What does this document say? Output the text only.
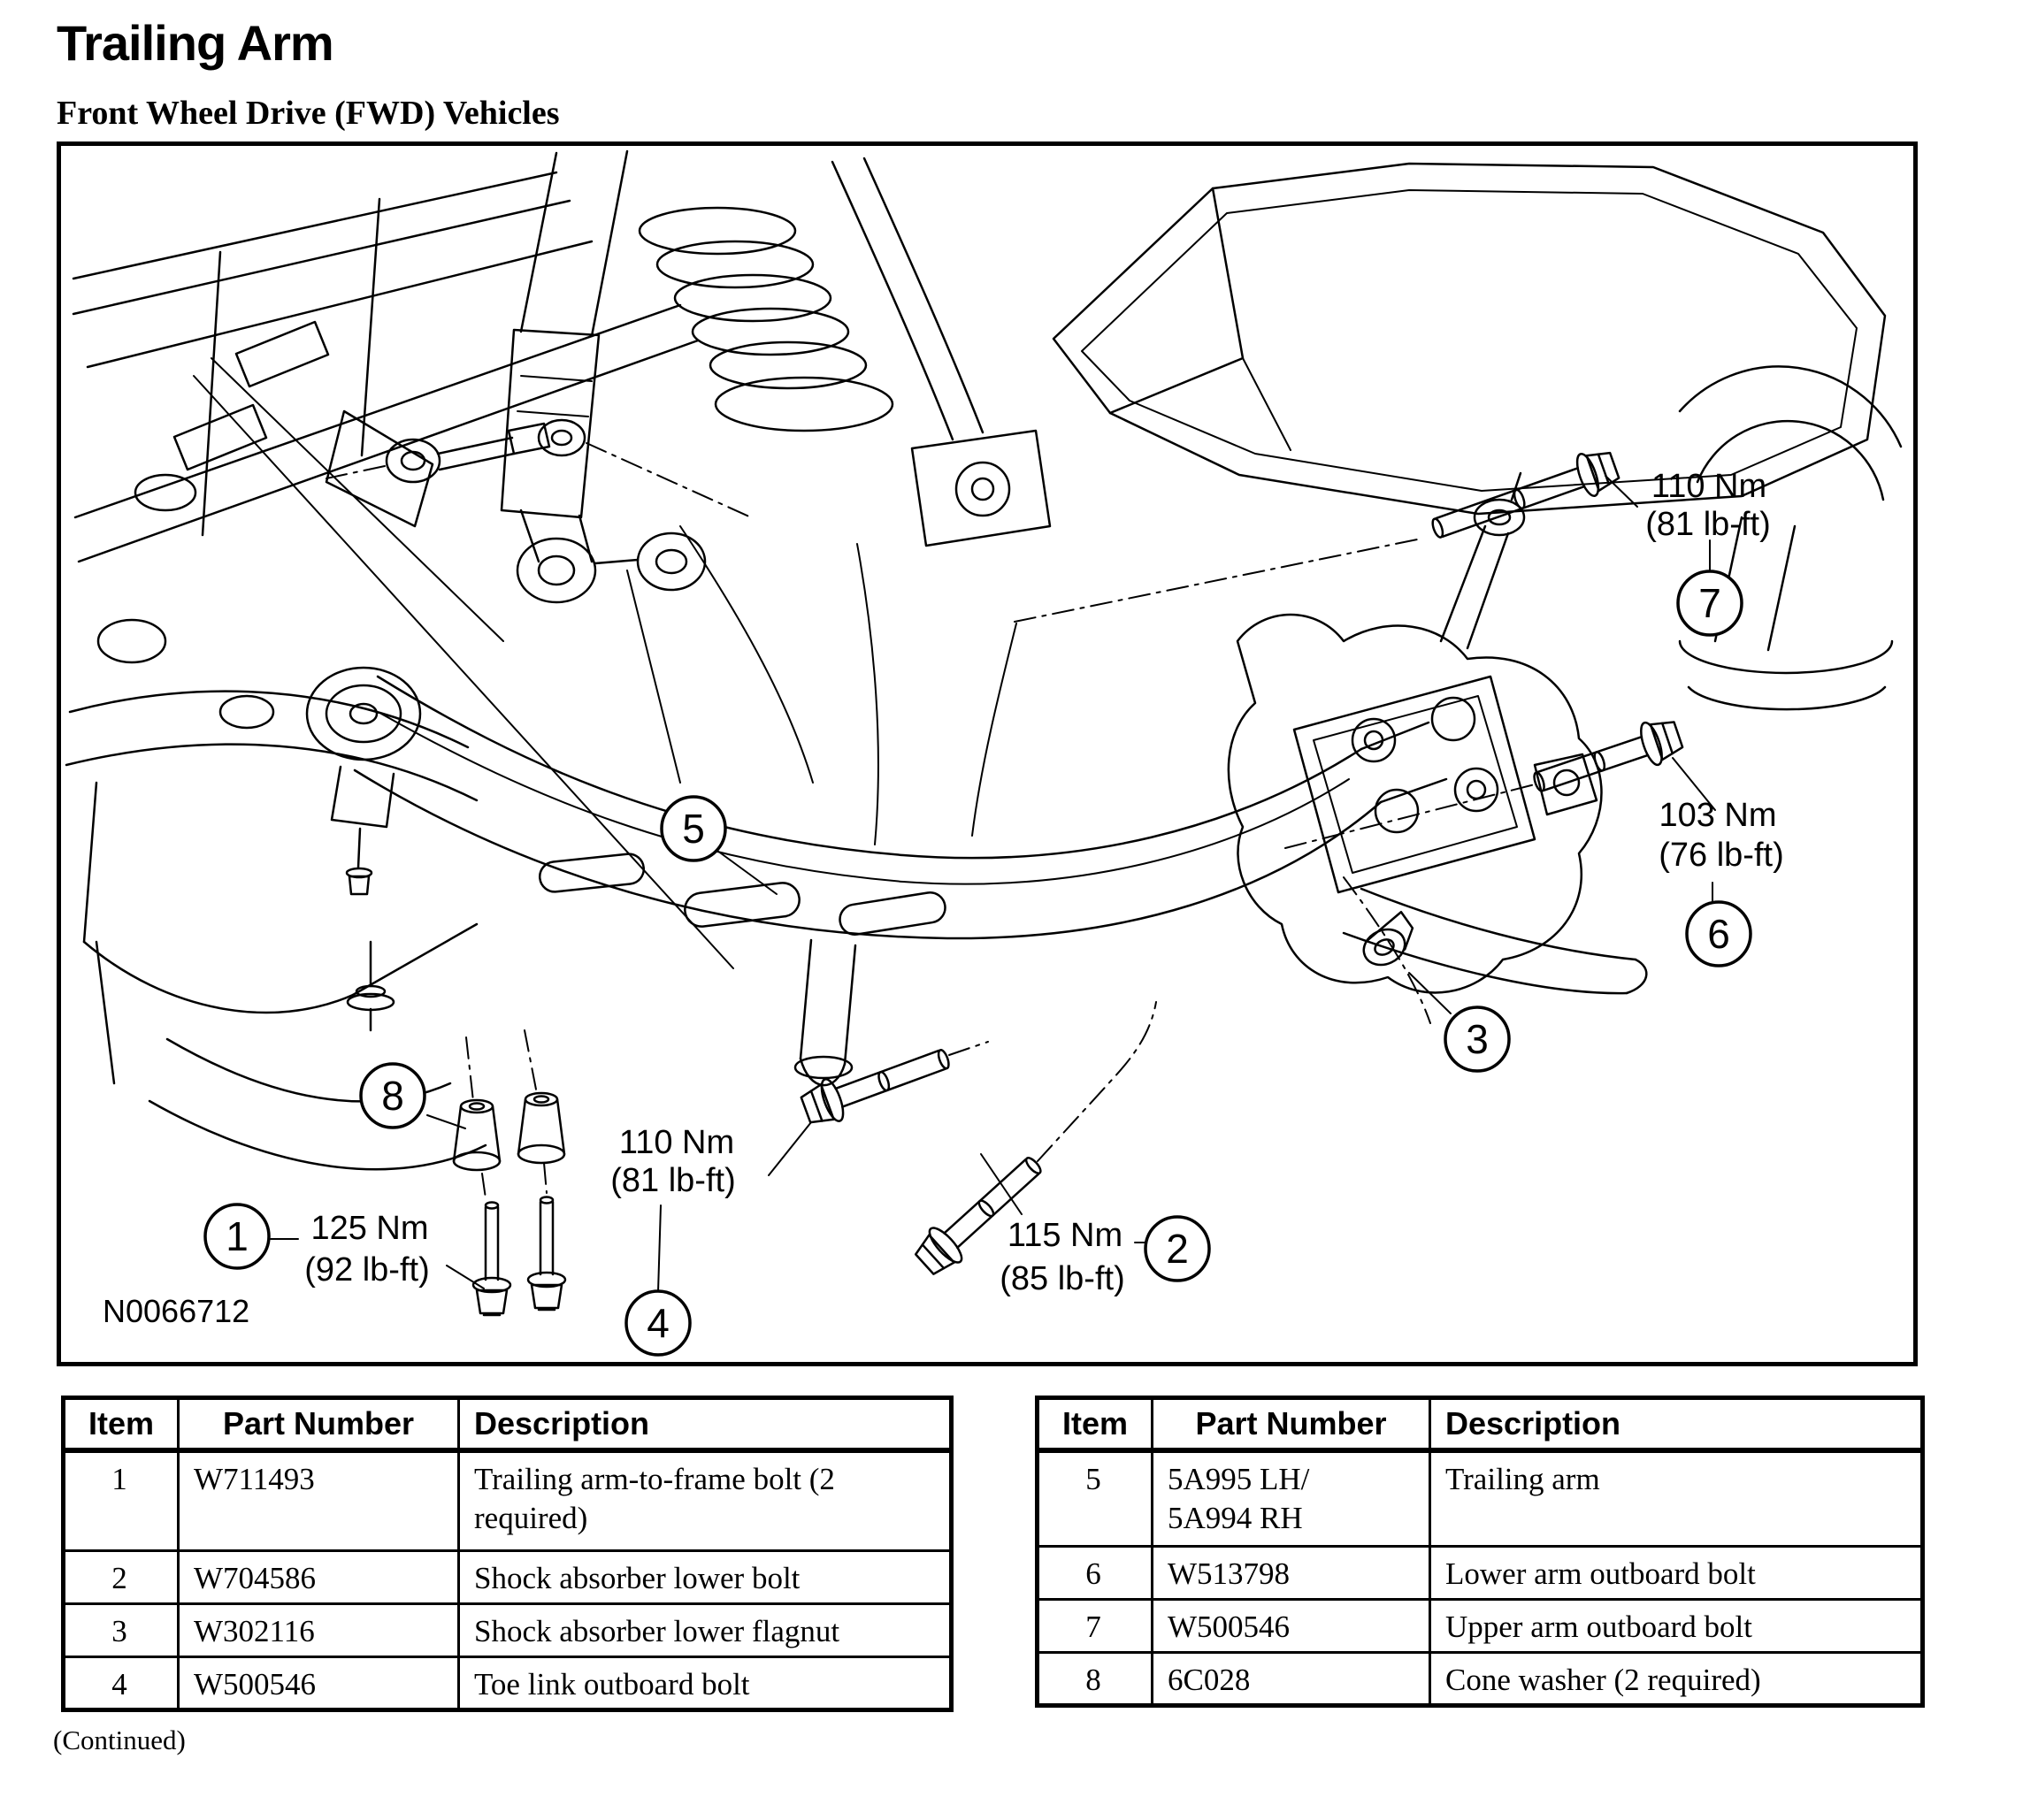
Trailing Arm
Front Wheel Drive (FWD) Vehicles
110 Nm
(81 lb-ft)
103 Nm
(76 lb-ft)
110 Nm
(81 lb-ft)
115 Nm
(85 lb-ft)
125 Nm
(92 lb-ft)
1	2
3
4
5
6
7
8
N0066712
Item	Part Number	Description
1	W711493	Trailing arm-to-frame bolt (2 required)
2	W704586	Shock absorber lower bolt
3	W302116	Shock absorber lower flagnut
4	W500546	Toe link outboard bolt
Item	Part Number	Description
5	5A995 LH/
5A994 RH	Trailing arm
6	W513798	Lower arm outboard bolt
7	W500546	Upper arm outboard bolt
8	6C028	Cone washer (2 required)
(Continued)
